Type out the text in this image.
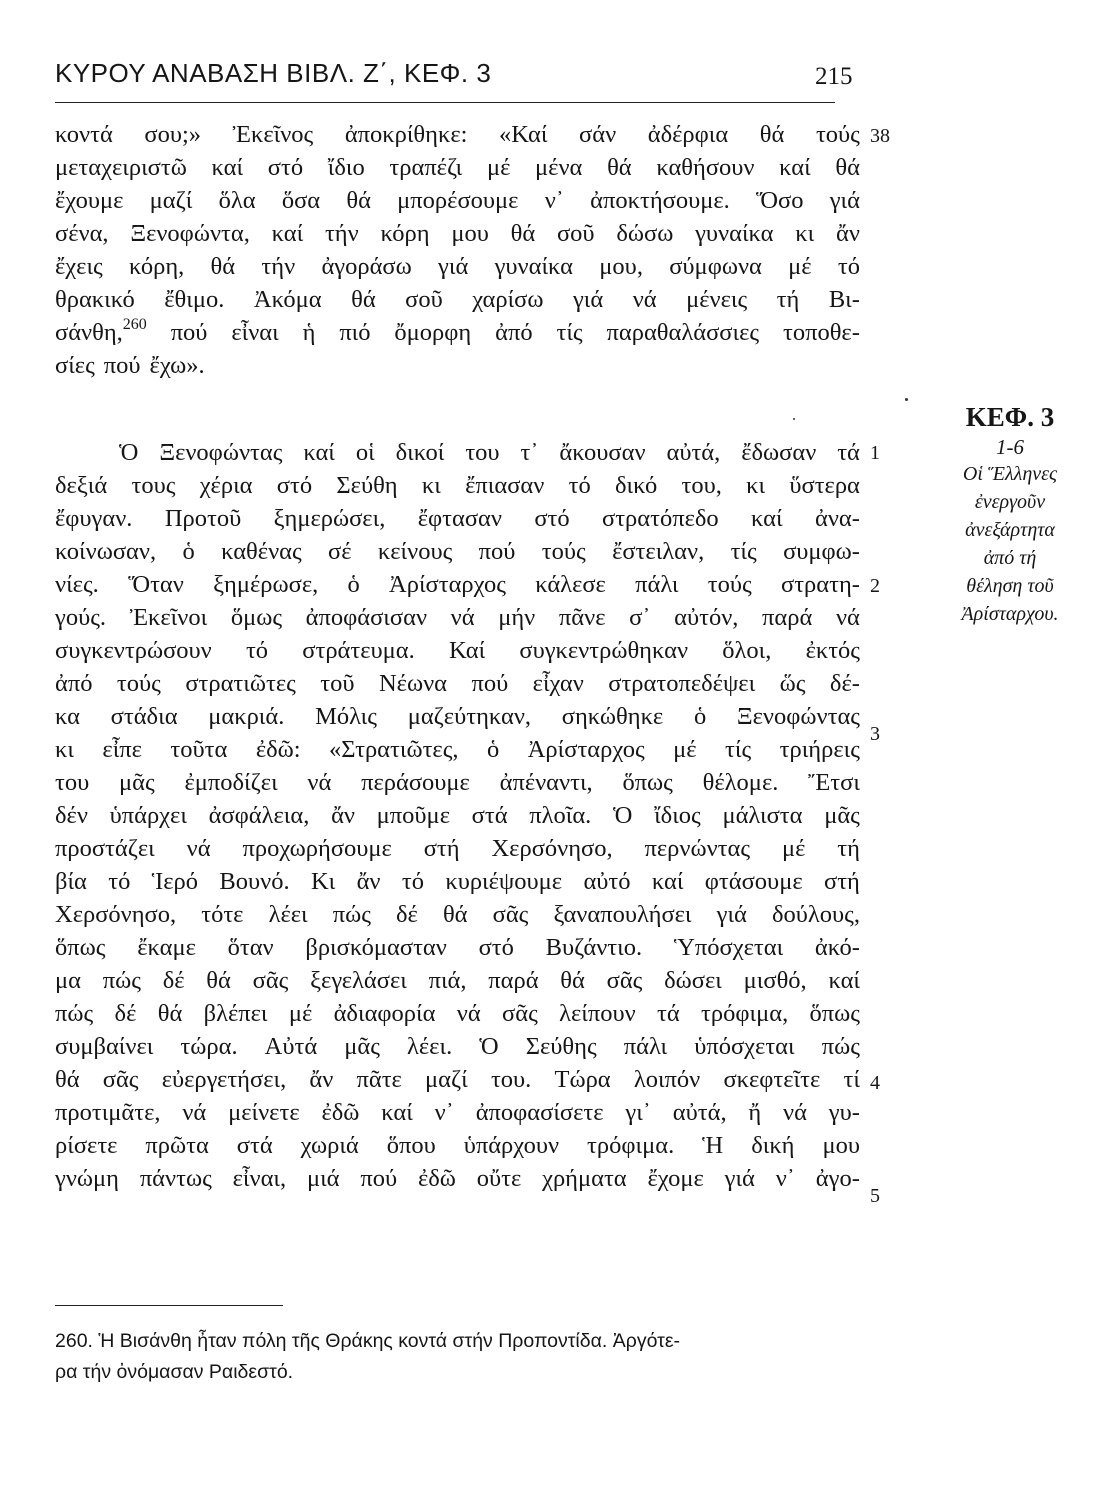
ΚΥΡΟΥ ΑΝΑΒΑΣΗ ΒΙΒΛ. Ζ΄, ΚΕΦ. 3	215
κοντά σου;» Ἐκεῖνος ἀποκρίθηκε: «Καί σάν ἀδέρφια θά τούς
μεταχειριστῶ καί στό ἴδιο τραπέζι μέ μένα θά καθήσουν καί θά
ἔχουμε μαζί ὅλα ὅσα θά μπορέσουμε ν᾿ ἀποκτήσουμε. Ὅσο γιά
σένα, Ξενοφώντα, καί τήν κόρη μου θά σοῦ δώσω γυναίκα κι ἄν
ἔχεις κόρη, θά τήν ἀγοράσω γιά γυναίκα μου, σύμφωνα μέ τό
θρακικό ἔθιμο. Ἀκόμα θά σοῦ χαρίσω γιά νά μένεις τή Βι-
σάνθη,260 πού εἶναι ἡ πιό ὄμορφη ἀπό τίς παραθαλάσσιες τοποθε-
σίες πού ἔχω».
Ὁ Ξενοφώντας καί οἱ δικοί του τ᾿ ἄκουσαν αὐτά, ἔδωσαν τά
δεξιά τους χέρια στό Σεύθη κι ἔπιασαν τό δικό του, κι ὕστερα
ἔφυγαν. Προτοῦ ξημερώσει, ἔφτασαν στό στρατόπεδο καί ἀνα-
κοίνωσαν, ὁ καθένας σέ κείνους πού τούς ἔστειλαν, τίς συμφω-
νίες. Ὅταν ξημέρωσε, ὁ Ἀρίσταρχος κάλεσε πάλι τούς στρατη-
γούς. Ἐκεῖνοι ὅμως ἀποφάσισαν νά μήν πᾶνε σ᾿ αὐτόν, παρά νά
συγκεντρώσουν τό στράτευμα. Καί συγκεντρώθηκαν ὅλοι, ἐκτός
ἀπό τούς στρατιῶτες τοῦ Νέωνα πού εἶχαν στρατοπεδέψει ὥς δέ-
κα στάδια μακριά. Μόλις μαζεύτηκαν, σηκώθηκε ὁ Ξενοφώντας
κι εἶπε τοῦτα ἐδῶ: «Στρατιῶτες, ὁ Ἀρίσταρχος μέ τίς τριήρεις
του μᾶς ἐμποδίζει νά περάσουμε ἀπέναντι, ὅπως θέλομε. Ἔτσι
δέν ὑπάρχει ἀσφάλεια, ἄν μποῦμε στά πλοῖα. Ὁ ἴδιος μάλιστα μᾶς
προστάζει νά προχωρήσουμε στή Χερσόνησο, περνώντας μέ τή
βία τό Ἱερό Βουνό. Κι ἄν τό κυριέψουμε αὐτό καί φτάσουμε στή
Χερσόνησο, τότε λέει πώς δέ θά σᾶς ξαναπουλήσει γιά δούλους,
ὅπως ἔκαμε ὅταν βρισκόμασταν στό Βυζάντιο. Ὑπόσχεται ἀκό-
μα πώς δέ θά σᾶς ξεγελάσει πιά, παρά θά σᾶς δώσει μισθό, καί
πώς δέ θά βλέπει μέ ἀδιαφορία νά σᾶς λείπουν τά τρόφιμα, ὅπως
συμβαίνει τώρα. Αὐτά μᾶς λέει. Ὁ Σεύθης πάλι ὑπόσχεται πώς
θά σᾶς εὐεργετήσει, ἄν πᾶτε μαζί του. Τώρα λοιπόν σκεφτεῖτε τί
προτιμᾶτε, νά μείνετε ἐδῶ καί ν᾿ ἀποφασίσετε γι᾿ αὐτά, ἤ νά γυ-
ρίσετε πρῶτα στά χωριά ὅπου ὑπάρχουν τρόφιμα. Ἡ δική μου
γνώμη πάντως εἶναι, μιά πού ἐδῶ οὔτε χρήματα ἔχομε γιά ν᾿ ἀγο-
38
1
2
3
4
5
ΚΕΦ. 3
1-6
Οἱ Ἕλληνες
ἐνεργοῦν
ἀνεξάρτητα
ἀπό τή
θέληση τοῦ
Ἀρίσταρχου.
260. Ἡ Βισάνθη ἦταν πόλη τῆς Θράκης κοντά στήν Προποντίδα. Ἀργότε-
ρα τήν ὀνόμασαν Ραιδεστό.
